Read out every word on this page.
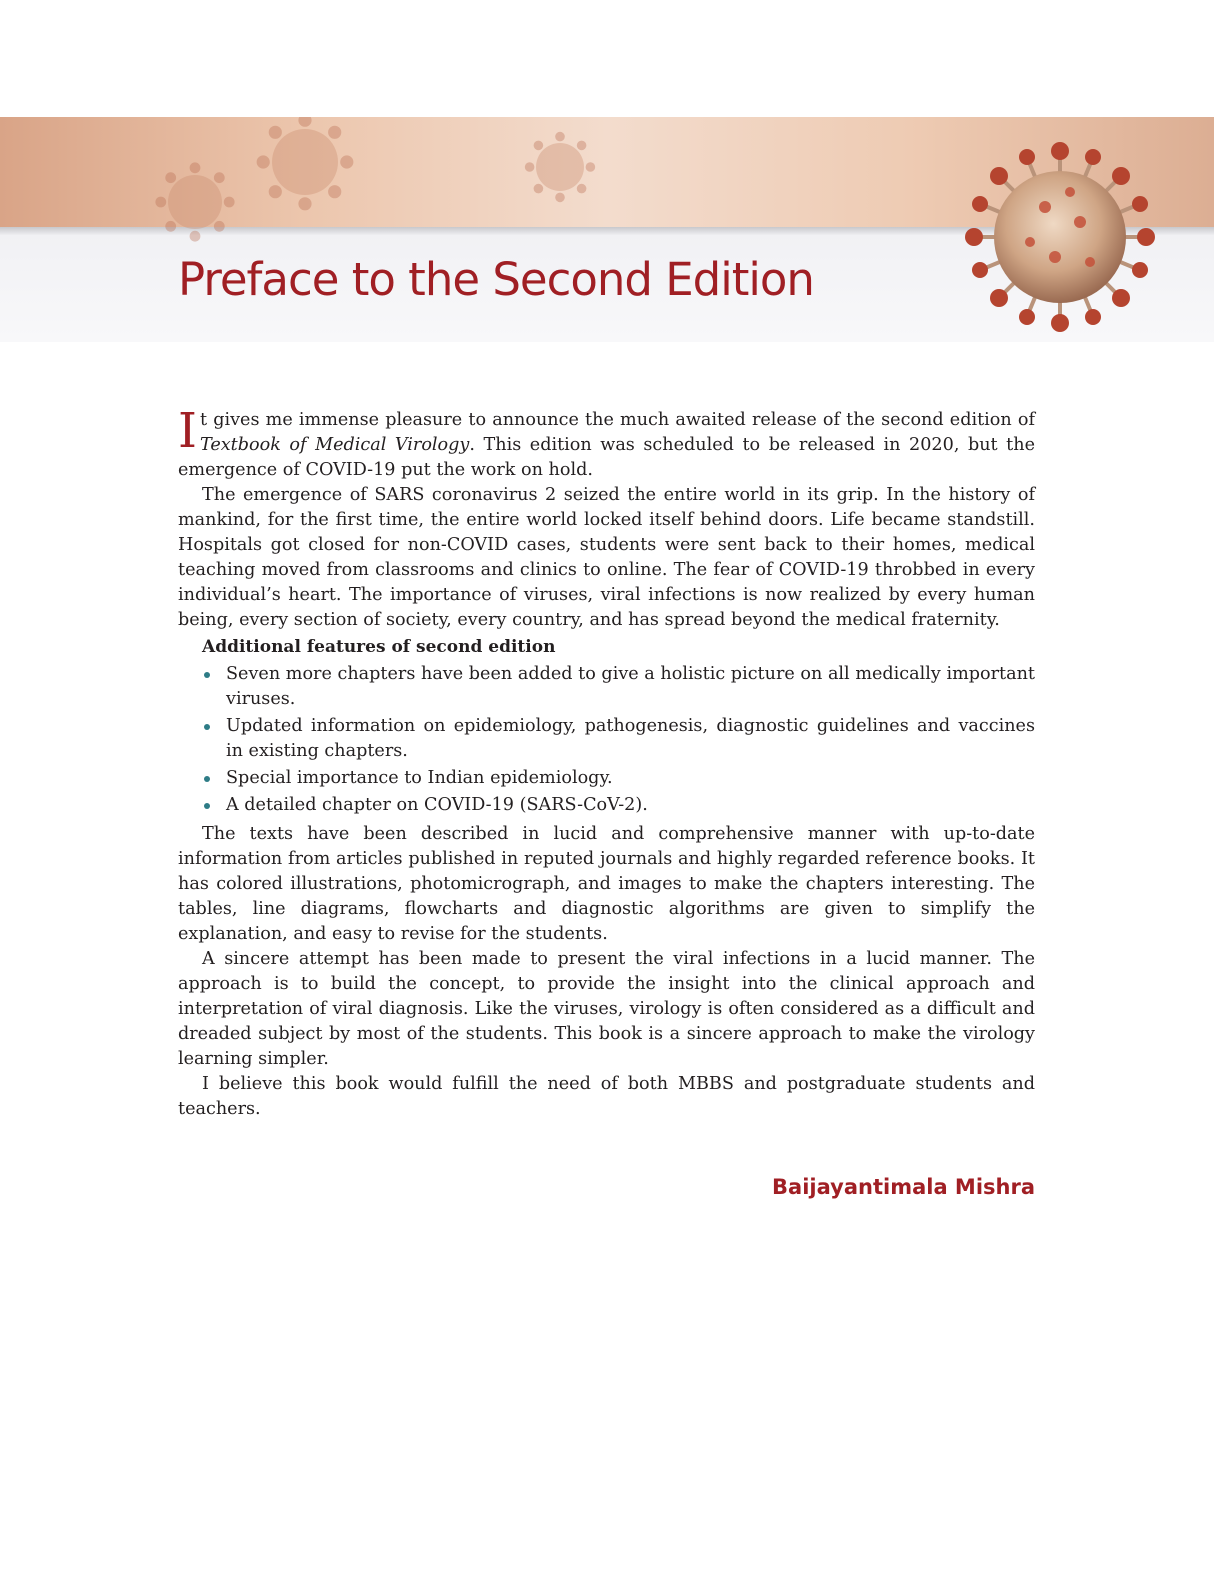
Preface to the Second Edition

It gives me immense pleasure to announce the much awaited release of the second edition of Textbook of Medical Virology. This edition was scheduled to be released in 2020, but the emergence of COVID-19 put the work on hold.

The emergence of SARS coronavirus 2 seized the entire world in its grip. In the history of mankind, for the first time, the entire world locked itself behind doors. Life became standstill. Hospitals got closed for non-COVID cases, students were sent back to their homes, medical teaching moved from classrooms and clinics to online. The fear of COVID-19 throbbed in every individual’s heart. The importance of viruses, viral infections is now realized by every human being, every section of society, every country, and has spread beyond the medical fraternity.

Additional features of second edition
Seven more chapters have been added to give a holistic picture on all medically important viruses.
Updated information on epidemiology, pathogenesis, diagnostic guidelines and vaccines in existing chapters.
Special importance to Indian epidemiology.
A detailed chapter on COVID-19 (SARS-CoV-2).

The texts have been described in lucid and comprehensive manner with up-to-date information from articles published in reputed journals and highly regarded reference books. It has colored illustrations, photomicrograph, and images to make the chapters interesting. The tables, line diagrams, flowcharts and diagnostic algorithms are given to simplify the explanation, and easy to revise for the students.

A sincere attempt has been made to present the viral infections in a lucid manner. The approach is to build the concept, to provide the insight into the clinical approach and interpretation of viral diagnosis. Like the viruses, virology is often considered as a difficult and dreaded subject by most of the students. This book is a sincere approach to make the virology learning simpler.

I believe this book would fulfill the need of both MBBS and postgraduate students and teachers.

Baijayantimala Mishra
